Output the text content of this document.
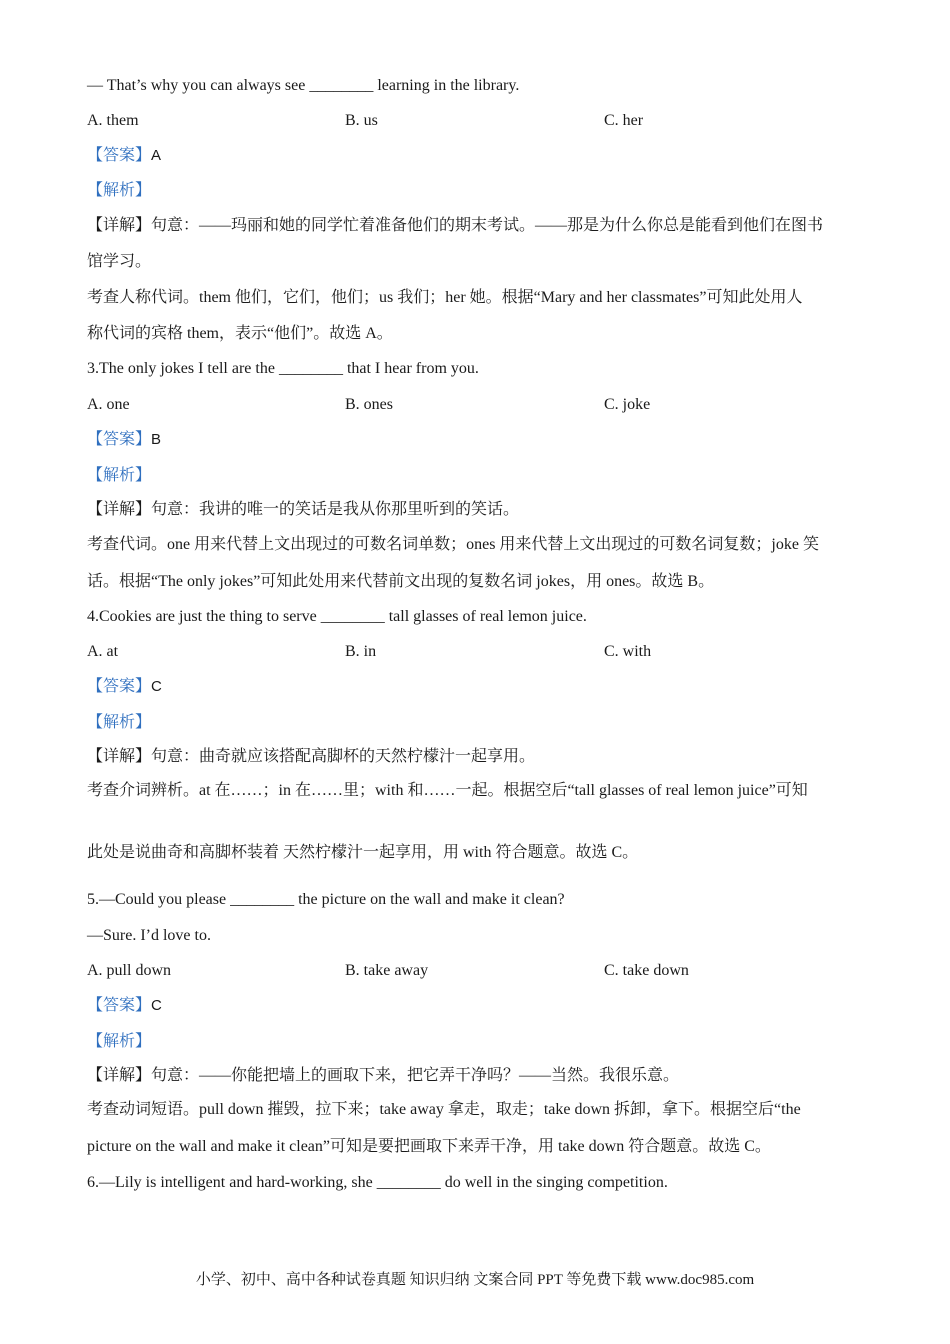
— That’s why you can always see ________ learning in the library.
A. them	B. us	C. her
【答案】A
【解析】
【详解】句意：——玛丽和她的同学忙着准备他们的期末考试。——那是为什么你总是能看到他们在图书
馆学习。
考查人称代词。them 他们，它们，他们；us 我们；her 她。根据“Mary and her classmates”可知此处用人
称代词的宾格 them，表示“他们”。故选 A。
3.The only jokes I tell are the ________ that I hear from you.
A. one	B. ones	C. joke
【答案】B
【解析】
【详解】句意：我讲的唯一的笑话是我从你那里听到的笑话。
考查代词。one 用来代替上文出现过的可数名词单数；ones 用来代替上文出现过的可数名词复数；joke 笑
话。根据“The only jokes”可知此处用来代替前文出现的复数名词 jokes，用 ones。故选 B。
4.Cookies are just the thing to serve ________ tall glasses of real lemon juice.
A. at	B. in	C. with
【答案】C
【解析】
【详解】句意：曲奇就应该搭配高脚杯的天然柠檬汁一起享用。
考查介词辨析。at 在……；in 在……里；with 和……一起。根据空后“tall glasses of real lemon juice”可知
此处是说曲奇和高脚杯装着 天然柠檬汁一起享用，用 with 符合题意。故选 C。
5.—Could you please ________ the picture on the wall and make it clean?
—Sure. I’d love to.
A. pull down	B. take away	C. take down
【答案】C
【解析】
【详解】句意：——你能把墙上的画取下来，把它弄干净吗？——当然。我很乐意。
考查动词短语。pull down 摧毁，拉下来；take away 拿走，取走；take down 拆卸，拿下。根据空后“the
picture on the wall and make it clean”可知是要把画取下来弄干净，用 take down 符合题意。故选 C。
6.—Lily is intelligent and hard-working, she ________ do well in the singing competition.
小学、初中、高中各种试卷真题 知识归纳 文案合同 PPT 等免费下载 www.doc985.com
